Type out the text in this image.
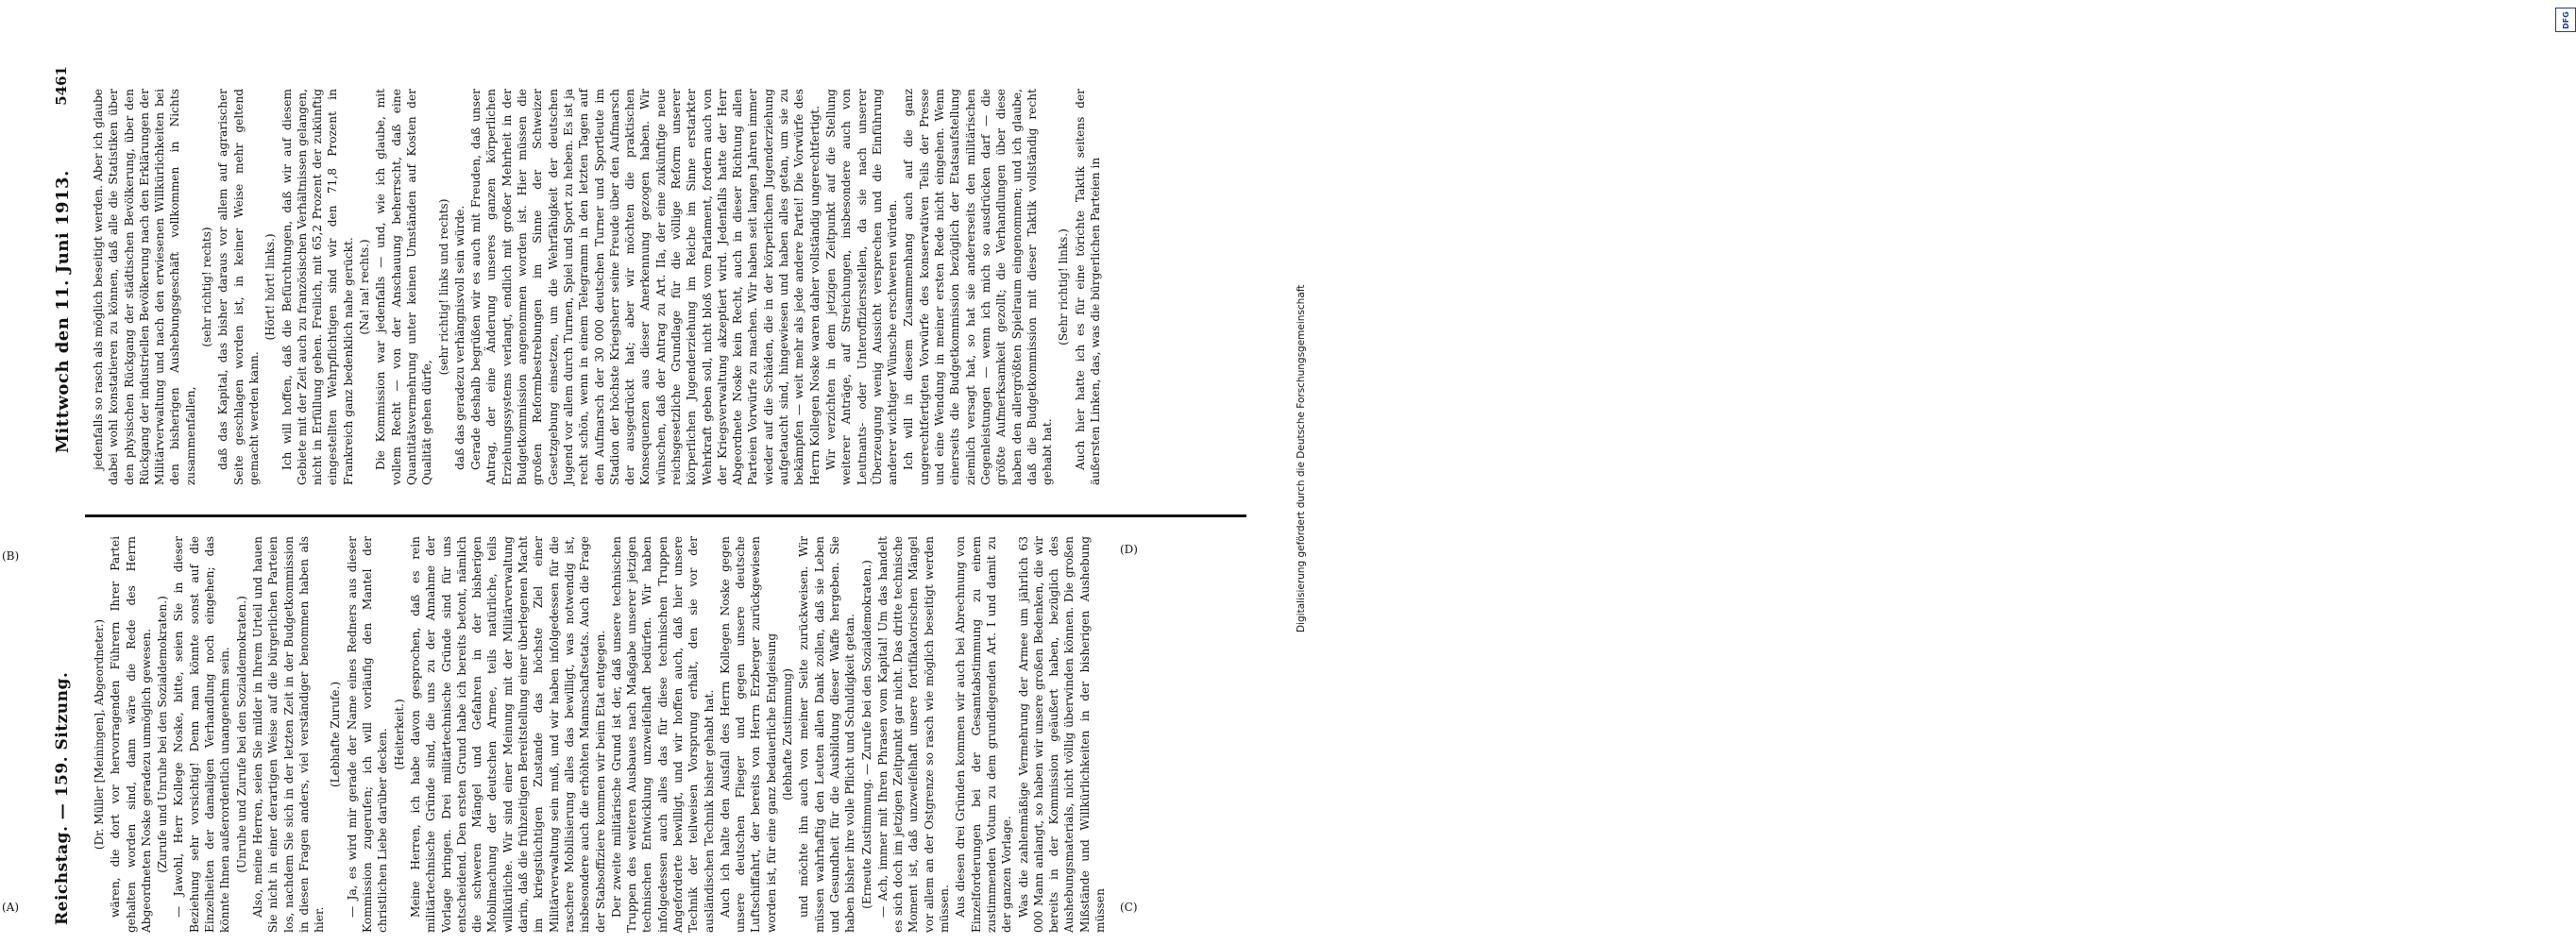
Reichstag. — 159. Sitzung.
Mittwoch den 11. Juni 1913.
5461
(Dr. Müller [Meiningen], Abgeordneter.) wären, die dort vor hervorragenden Führern Ihrer Partei gehalten worden sind, dann wäre die Rede des Herrn Abgeordneten Noske geradezu unmöglich gewesen. (Zurufe und Unruhe bei den Sozialdemokraten.) — Jawohl, Herr Kollege Noske, bitte, seien Sie in dieser Beziehung sehr vorsichtig! Denn man könnte sonst auf die Einzelheiten der damaligen Verhandlung noch eingehen; das könnte Ihnen außerordentlich unangenehm sein. (Unruhe und Zurufe bei den Sozialdemokraten.) Also, meine Herren, seien Sie milder in Ihrem Urteil und hauen Sie nicht in einer derartigen Weise auf die bürgerlichen Parteien los, nachdem Sie sich in der letzten Zeit in der Budgetkommission in diesen Fragen anders, viel verständiger benommen haben als hier.
(Lebhafte Zurufe.) — Ja, es wird mir gerade der Name eines Redners aus dieser Kommission zugerufen; ich will vorläufig den Mantel der christlichen Liebe darüber decken. (Heiterkeit.) Meine Herren, ich habe davon gesprochen, daß es rein militärtechnische Gründe sind, die uns zu der Annahme der Vorlage bringen. Drei militärtechnische Gründe sind für uns entscheidend. Den ersten Grund habe ich bereits betont, nämlich die schweren Mängel und Gefahren in der bisherigen Mobilmachung der deutschen Armee, teils natürliche, teils willkürliche. Wir sind einer Meinung mit der Militärverwaltung darin, daß die frühzeitigen Bereitstellung einer überlegenen Macht im kriegstüchtigen Zustande das höchste Ziel einer Militärverwaltung sein muß, und wir haben infolgedessen für die raschere Mobilisierung alles das bewilligt, was notwendig ist, insbesondere auch die erhöhten Mannschaftsetats. Auch die Frage der Stabsoffiziere kommen wir beim Etat entgegen. Der zweite militärische Grund ist der, daß unsere technischen Truppen des weiteren Ausbaues nach Maßgabe unserer jetzigen technischen Entwicklung unzweifelhaft bedürfen. Wir haben infolgedessen auch alles das für diese technischen Truppen Angeforderte bewilligt, und wir hoffen auch, daß hier unsere Technik der teilweisen Vorsprung erhält, den sie vor der ausländischen Technik bisher gehabt hat. Auch ich halte den Ausfall des Herrn Kollegen Noske gegen unsere deutschen Flieger und gegen unsere deutsche Luftschiffahrt, der bereits von Herrn Erzberger zurückgewiesen worden ist, für eine ganz bedauerliche Entgleisung (lebhafte Zustimmung) und möchte ihn auch von meiner Seite zurückweisen. Wir müssen wahrhaftig den Leuten allen Dank zollen, daß sie Leben und Gesundheit für die Ausbildung dieser Waffe hergeben. Sie haben bisher ihre volle Pflicht und Schuldigkeit getan. (Erneute Zustimmung. — Zurufe bei den Sozialdemokraten.) — Ach, immer mit Ihren Phrasen vom Kapital! Um das handelt es sich doch im jetzigen Zeitpunkt gar nicht. Das dritte technische Moment ist, daß unzweifelhaft unsere fortifikatorischen Mängel vor allem an der Ostgrenze so rasch wie möglich beseitigt werden müssen. Aus diesen drei Gründen kommen wir auch bei Abrechnung von Einzelforderungen bei der Gesamtabstimmung zu einem zustimmenden Votum zu dem grundlegenden Art. I und damit zu der ganzen Vorlage. Was die zahlenmäßige Vermehrung der Armee um jährlich 63 000 Mann anlangt, so haben wir unsere großen Bedenken, die wir bereits in der Kommission geäußert haben, bezüglich des Aushebungsmaterials, nicht völlig überwinden können. Die großen Mißstände und Willkürlichkeiten in der bisherigen Aushebung müssen
jedenfalls so rasch als möglich beseitigt werden. Aber ich glaube dabei wohl konstatieren zu können, daß alle die Statistiken über den physischen Rückgang der städtischen Bevölkerung, über den Rückgang der industriellen Bevölkerung nach den Erklärungen der Militärverwaltung und nach den erwiesenen Willkürlichkeiten bei den bisherigen Aushebungsgeschäft vollkommen in Nichts zusammenfallen,
(sehr richtig! rechts) daß das Kapital, das bisher daraus vor allem auf agrarischer Seite geschlagen worden ist, in keiner Weise mehr geltend gemacht werden kann.
(Hört! hört! links.) Ich will hoffen, daß die Befürchtungen, daß wir auf diesem Gebiete mit der Zeit auch zu französischen Verhältnissen gelangen, nicht in Erfüllung gehen. Freilich, mit 65,2 Prozent der zukünftig eingestellten Wehrpflichtigen sind wir den 71,8 Prozent in Frankreich ganz bedenklich nahe gerückt. (Na! na! rechts.) Die Kommission war jedenfalls — und, wie ich glaube, mit vollem Recht — von der Anschauung beherrscht, daß eine Quantitätsvermehrung unter keinen Umständen auf Kosten der Qualität gehen dürfe,
(sehr richtig! links und rechts) daß das geradezu verhängnisvoll sein würde. Gerade deshalb begrüßen wir es auch mit Freuden, daß unser Antrag, der eine Änderung unseres ganzen körperlichen Erziehungssystems verlangt, endlich mit großer Mehrheit in der Budgetkommission angenommen worden ist. Hier müssen die großen Reformbestrebungen im Sinne der Schweizer Gesetzgebung einsetzen, um die Wehrfähigkeit der deutschen Jugend vor allem durch Turnen, Spiel und Sport zu heben. Es ist ja recht schön, wenn in einem Telegramm in den letzten Tagen auf den Aufmarsch der 30 000 deutschen Turner und Sportleute im Stadion der höchste Kriegsherr seine Freude über den Aufmarsch der ausgedrückt hat; aber wir möchten die praktischen Konsequenzen aus dieser Anerkennung gezogen haben. Wir wünschen, daß der Antrag zu Art. IIa, der eine zukünftige neue reichsgesetzliche Grundlage für die völlige Reform unserer körperlichen Jugenderziehung im Reiche im Sinne erstarkter Wehrkraft geben soll, nicht bloß vom Parlament, fordern auch von der Kriegsverwaltung akzeptiert wird. Jedenfalls hatte der Herr Abgeordnete Noske kein Recht, auch in dieser Richtung allen Parteien Vorwürfe zu machen. Wir haben seit langen Jahren immer wieder auf die Schäden, die in der körperlichen Jugenderziehung aufgetaucht sind, hingewiesen und haben alles getan, um sie zu bekämpfen — weit mehr als jede andere Partei! Die Vorwürfe des Herrn Kollegen Noske waren daher vollständig ungerechtfertigt. Wir verzichten in dem jetzigen Zeitpunkt auf die Stellung weiterer Anträge, auf Streichungen, insbesondere auch von Leutnants- oder Unteroffiziersstellen, da sie nach unserer Überzeugung wenig Aussicht versprechen und die Einführung anderer wichtiger Wünsche erschweren würden. Ich will in diesem Zusammenhang auch auf die ganz ungerechtfertigten Vorwürfe des konservativen Teils der Presse und eine Wendung in meiner ersten Rede nicht eingehen. Wenn einerseits die Budgetkommission bezüglich der Etatsaufstellung ziemlich versagt hat, so hat sie andererseits den militärischen Gegenleistungen — wenn ich mich so ausdrücken darf — die größte Aufmerksamkeit gezollt; die Verhandlungen über diese haben den allergrößten Spielraum eingenommen; und ich glaube, daß die Budgetkommission mit dieser Taktik vollständig recht gehabt hat.
(Sehr richtig! links.) Auch hier hatte ich es für eine törichte Taktik seitens der äußersten Linken, das, was die bürgerlichen Parteien in
(A)
(B)
(C)
(D)
DFG
Digitalisierung gefördert durch die Deutsche Forschungsgemeinschaft
